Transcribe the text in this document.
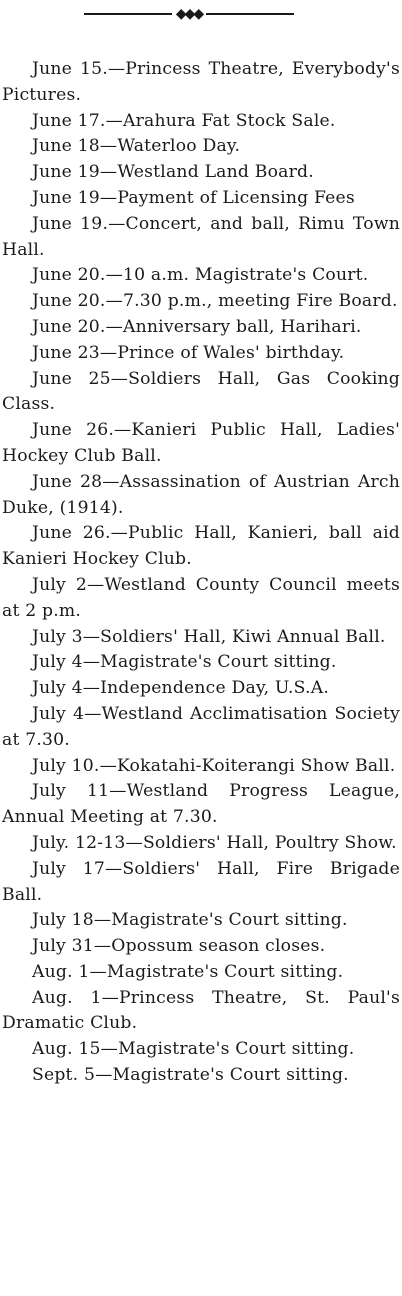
◆◆◆

June 15.—Princess Theatre, Everybody's Pictures.

June 17.—Arahura Fat Stock Sale.

June 18—Waterloo Day.

June 19—Westland Land Board.

June 19—Payment of Licensing Fees

June 19.—Concert, and ball, Rimu Town Hall.

June 20.—10 a.m. Magistrate's Court.

June 20.—7.30 p.m., meeting Fire Board.

June 20.—Anniversary ball, Harihari.

June 23—Prince of Wales' birthday.

June 25—Soldiers Hall, Gas Cooking Class.

June 26.—Kanieri Public Hall, Ladies' Hockey Club Ball.

June 28—Assassination of Austrian Arch Duke, (1914).

June 26.—Public Hall, Kanieri, ball aid Kanieri Hockey Club.

July 2—Westland County Council meets at 2 p.m.

July 3—Soldiers' Hall, Kiwi Annual Ball.

July 4—Magistrate's Court sitting.

July 4—Independence Day, U.S.A.

July 4—Westland Acclimatisation Society at 7.30.

July 10.—Kokatahi-Koiterangi Show Ball.

July 11—Westland Progress League, Annual Meeting at 7.30.

July. 12-13—Soldiers' Hall, Poultry Show.

July 17—Soldiers' Hall, Fire Brigade Ball.

July 18—Magistrate's Court sitting.

July 31—Opossum season closes.

Aug. 1—Magistrate's Court sitting.

Aug. 1—Princess Theatre, St. Paul's Dramatic Club.

Aug. 15—Magistrate's Court sitting.

Sept. 5—Magistrate's Court sitting.
